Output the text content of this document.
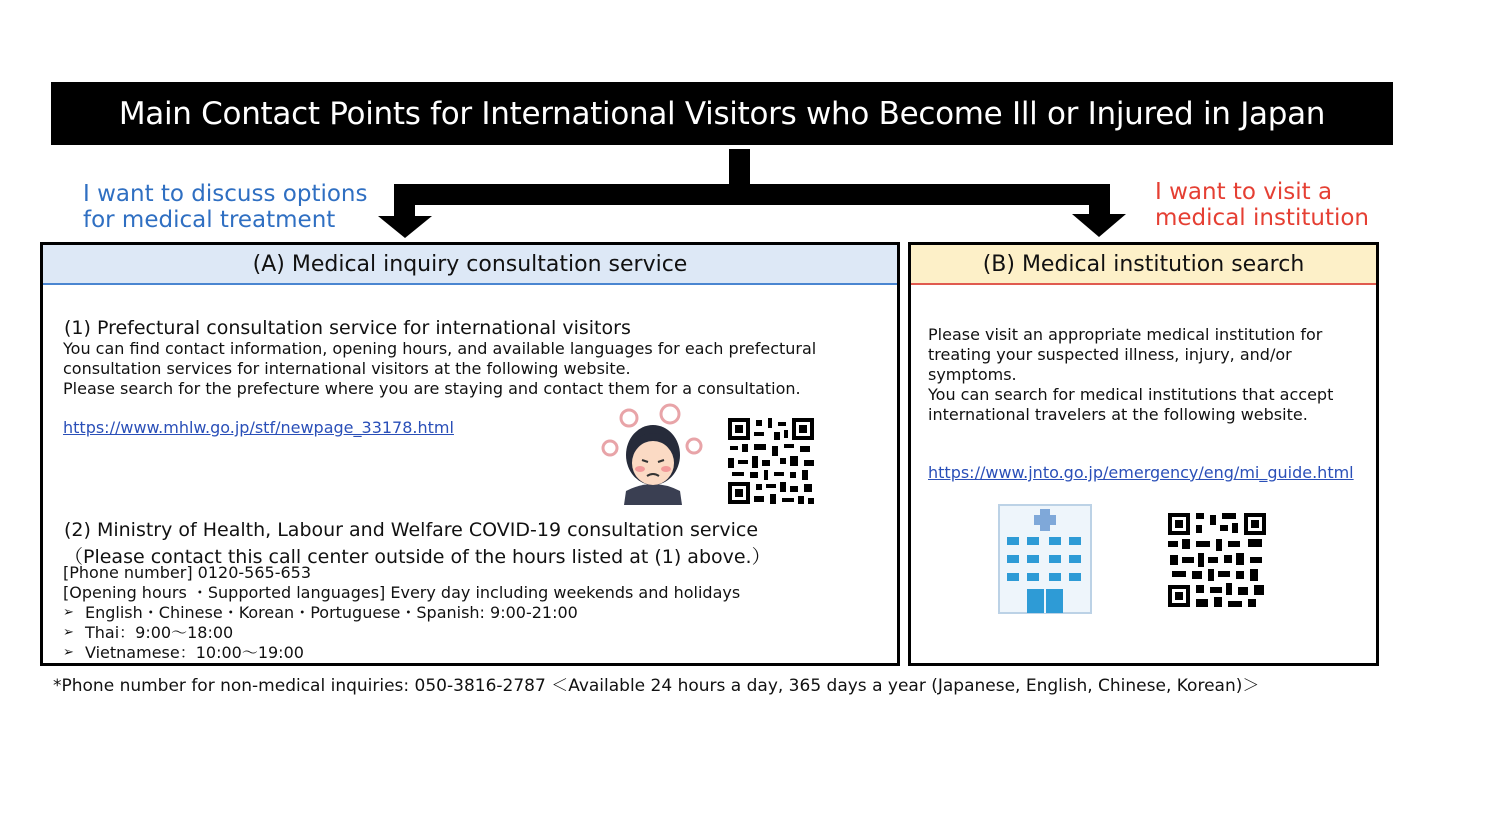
Main Contact Points for International Visitors who Become Ill or Injured in Japan
I want to discuss options
for medical treatment
I want to visit a
medical institution
(A) Medical inquiry consultation service
(1) Prefectural consultation service for international visitors
You can find contact information, opening hours, and available languages for each prefectural
consultation services for international visitors at the following website.
Please search for the prefecture where you are staying and contact them for a consultation.
https://www.mhlw.go.jp/stf/newpage_33178.html
(2) Ministry of Health, Labour and Welfare COVID-19 consultation service
（Please contact this call center outside of the hours listed at (1) above.）
[Phone number] 0120-565-653
[Opening hours ・Supported languages] Every day including weekends and holidays
➢ English・Chinese・Korean・Portuguese・Spanish: 9:00-21:00
➢ Thai：9:00〜18:00
➢ Vietnamese：10:00〜19:00
(B) Medical institution search
Please visit an appropriate medical institution for
treating your suspected illness, injury, and/or
symptoms.
You can search for medical institutions that accept
international travelers at the following website.
https://www.jnto.go.jp/emergency/eng/mi_guide.html
*Phone number for non-medical inquiries: 050-3816-2787 ＜Available 24 hours a day, 365 days a year (Japanese, English, Chinese, Korean)＞
